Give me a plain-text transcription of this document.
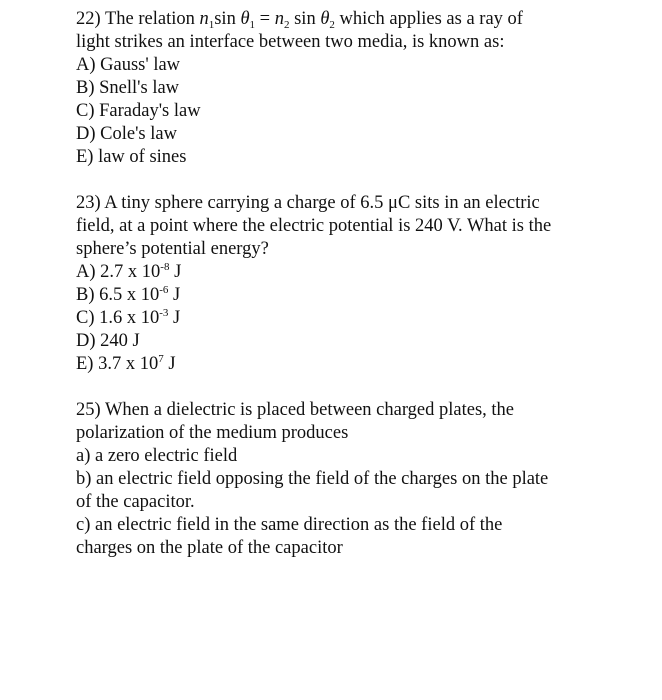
22) The relation $n_1\sin$ $\theta_1 = n_2$ $\sin \theta_2$ which applies as a ray of
light strikes an interface between two media, is known as:
A) Gauss' law
B) Snell's law
C) Faraday's law
D) Cole's law
E) law of sines
23) A tiny sphere carrying a charge of 6.5 μC sits in an electric
field, at a point where the electric potential is 240 V. What is the
sphere’s potential energy?
A) 2.7 x $10^{-8}$ J
B) 6.5 x $10^{-6}$ J
C) 1.6 x $10^{-3}$ J
D) 240 J
E) 3.7 x $10^7$ J
25) When a dielectric is placed between charged plates, the
polarization of the medium produces
a) a zero electric field
b) an electric field opposing the field of the charges on the plate
of the capacitor.
c) an electric field in the same direction as the field of the
charges on the plate of the capacitor
